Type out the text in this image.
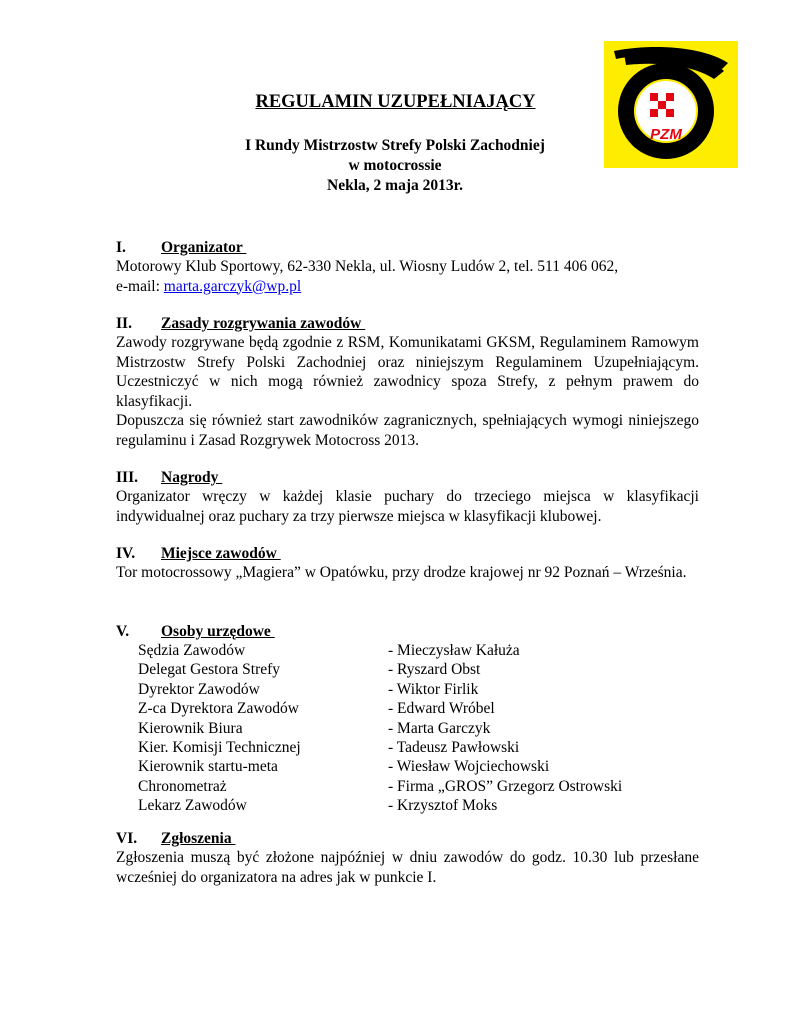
PZM
REGULAMIN UZUPEŁNIAJĄCY
I Rundy Mistrzostw Strefy Polski Zachodniej
w motocrossie
Nekla, 2 maja 2013r.
I. Organizator

Motorowy Klub Sportowy, 62-330 Nekla, ul. Wiosny Ludów 2, tel. 511 406 062,

e-mail: marta.garczyk@wp.pl

II. Zasady rozgrywania zawodów

Zawody rozgrywane będą zgodnie z RSM, Komunikatami GKSM, Regulaminem Ramowym Mistrzostw Strefy Polski Zachodniej oraz niniejszym Regulaminem Uzupełniającym. Uczestniczyć w nich mogą również zawodnicy spoza Strefy, z pełnym prawem do klasyfikacji.

Dopuszcza się również start zawodników zagranicznych, spełniających wymogi niniejszego regulaminu i Zasad Rozgrywek Motocross 2013.

III. Nagrody

Organizator wręczy w każdej klasie puchary do trzeciego miejsca w klasyfikacji indywidualnej oraz puchary za trzy pierwsze miejsca w klasyfikacji klubowej.

IV. Miejsce zawodów

Tor motocrossowy „Magiera” w Opatówku, przy drodze krajowej nr 92 Poznań – Września.

V. Osoby urzędowe
Sędzia Zawodów	- Mieczysław Kałuża
Delegat Gestora Strefy	- Ryszard Obst
Dyrektor Zawodów	- Wiktor Firlik
Z-ca Dyrektora Zawodów	- Edward Wróbel
Kierownik Biura	- Marta Garczyk
Kier. Komisji Technicznej	- Tadeusz Pawłowski
Kierownik startu-meta	- Wiesław Wojciechowski
Chronometraż	- Firma „GROS” Grzegorz Ostrowski
Lekarz Zawodów	- Krzysztof Moks
VI. Zgłoszenia

Zgłoszenia muszą być złożone najpóźniej w dniu zawodów do godz. 10.30 lub przesłane wcześniej do organizatora na adres jak w punkcie I.
